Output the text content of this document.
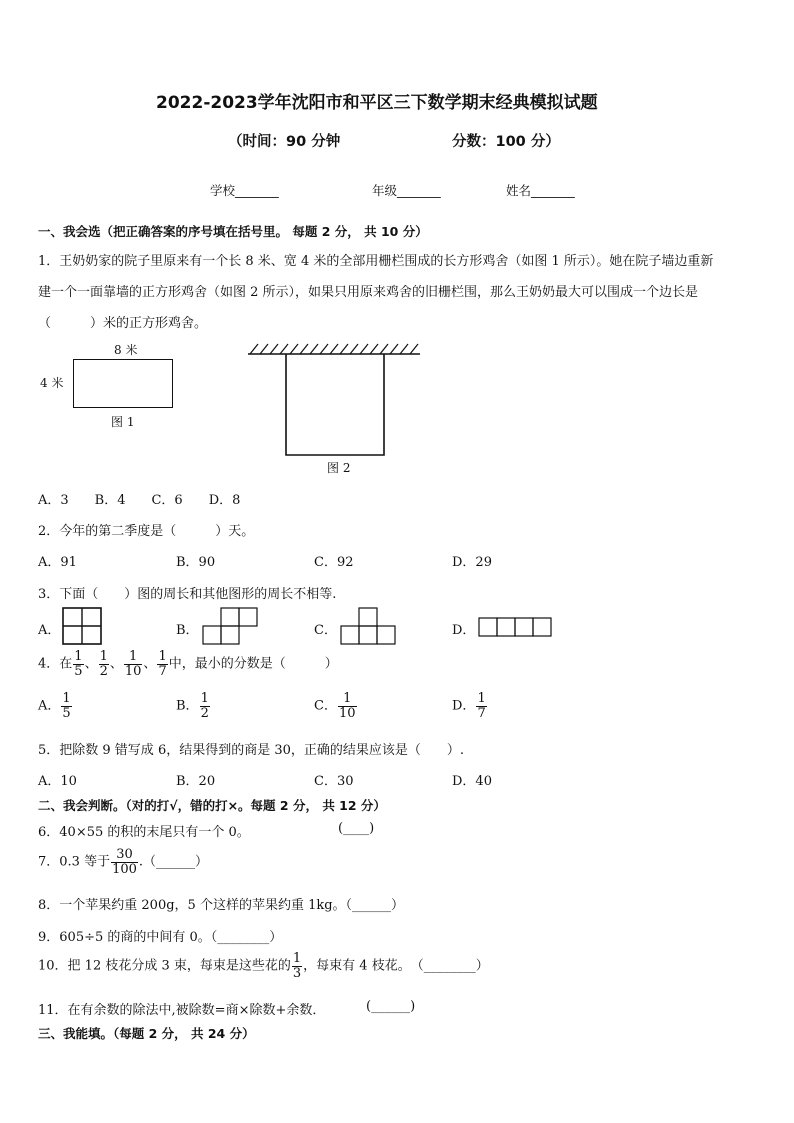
2022-2023学年沈阳市和平区三下数学期末经典模拟试题
（时间：90 分钟	分数：100 分）
学校_______	年级_______	姓名_______
一、我会选（把正确答案的序号填在括号里。 每题 2 分， 共 10 分）
1．王奶奶家的院子里原来有一个长 8 米、宽 4 米的全部用栅栏围成的长方形鸡舍（如图 1 所示）。她在院子墙边重新
建一个一面靠墙的正方形鸡舍（如图 2 所示），如果只用原来鸡舍的旧栅栏围，那么王奶奶最大可以围成一个边长是
（　　　）米的正方形鸡舍。
8 米
4 米
图 1
图 2
A．3　　B．4　　C．6　　D．8
2．今年的第二季度是（　　　）天。
A．91	B．90	C．92	D．29
3．下面（　　）图的周长和其他图形的周长不相等.
A．	B．	C．	D．
4．在 $\frac{1}{5}$ 、 $\frac{1}{2}$ 、 $\frac{1}{10}$ 、 $\frac{1}{7}$ 中，最小的分数是（　　　）
A． $\frac{1}{5}$	B． $\frac{1}{2}$	C． $\frac{1}{10}$	D． $\frac{1}{7}$
5．把除数 9 错写成 6，结果得到的商是 30，正确的结果应该是（　　）.
A．10	B．20	C．30	D．40
二、我会判断。（对的打√，错的打×。每题 2 分， 共 12 分）
6．40×55 的积的末尾只有一个 0。	(____)
7．0.3 等于 $\frac{30}{100}$ .（______）
8．一个苹果约重 200g，5 个这样的苹果约重 1kg。（______）
9．605÷5 的商的中间有 0。（________）
10．把 12 枝花分成 3 束，每束是这些花的 $\frac{1}{3}$ ，每束有 4 枝花。　（________）
11．在有余数的除法中,被除数=商×除数+余数．	(______)
三、我能填。（每题 2 分， 共 24 分）
